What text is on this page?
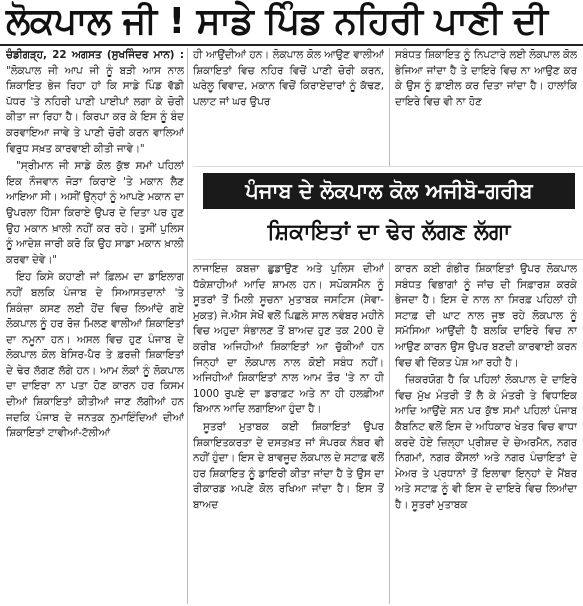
ਲੋਕਪਾਲ ਜੀ ! ਸਾਡੇ ਪਿੰਡ ਨਹਿਰੀ ਪਾਣੀ ਦੀ

ਚੰਡੀਗੜ੍ਹ, 22 ਅਗਸਤ (ਸੁਖਜਿੰਦਰ ਮਾਨ) : "ਲੋਕਪਾਲ ਜੀ ਆਪ ਜੀ ਨੂੰ ਬੜੀ ਆਸ ਨਾਲ ਸ਼ਿਕਾਇਤ ਭੇਜ ਰਿਹਾ ਹਾਂ ਕਿ ਸਾਡੇ ਪਿੰਡ ਵੱਡੀ ਪੱਧਰ 'ਤੇ ਨਹਿਰੀ ਪਾਣੀ ਪਾਈਪਾਂ ਲਗਾ ਕੇ ਚੋਰੀ ਕੀਤਾ ਜਾ ਰਿਹਾ ਹੈ। ਕਿਰਪਾ ਕਰ ਕੇ ਇਸ ਨੂੰ ਬੰਦ ਕਰਵਾਇਆ ਜਾਵੇ ਤੇ ਪਾਣੀ ਚੋਰੀ ਕਰਨ ਵਾਲਿਆਂ ਵਿਰੁਧ ਸਖ਼ਤ ਕਾਰਵਾਈ ਕੀਤੀ ਜਾਵੇ।"

"ਸ੍ਰੀਮਾਨ ਜੀ ਸਾਡੇ ਕੋਲ ਕੁੱਝ ਸਮਾਂ ਪਹਿਲਾਂ ਇਕ ਨੌਜਵਾਨ ਜੋੜਾ ਕਿਰਾਏ 'ਤੇ ਮਕਾਨ ਲੈਣ ਆਇਆ ਸੀ। ਅਸੀਂ ਉਨ੍ਹਾਂ ਨੂੰ ਆਪਣੇ ਮਕਾਨ ਦਾ ਉਪਰਲਾ ਹਿੱਸਾ ਕਿਰਾਏ ਉਪਰ ਦੇ ਦਿਤਾ ਪਰ ਹੁਣ ਉਹ ਮਕਾਨ ਖ਼ਾਲੀ ਨਹੀਂ ਕਰ ਰਹੇ। ਤੁਸੀਂ ਪੁਲਿਸ ਨੂੰ ਆਦੇਸ਼ ਜਾਰੀ ਕਰੋ ਕਿ ਉਹ ਸਾਡਾ ਮਕਾਨ ਖ਼ਾਲੀ ਕਰਵਾ ਦੇਵੇ।"

ਇਹ ਕਿਸੇ ਕਹਾਣੀ ਜਾਂ ਫ਼ਿਲਮ ਦਾ ਡਾਇਲਾਗ ਨਹੀਂ ਬਲਕਿ ਪੰਜਾਬ ਦੇ ਸਿਆਸਤਦਾਨਾਂ 'ਤੇ ਸ਼ਿਕੰਜ਼ਾ ਕਸਣ ਲਈ ਹੋਂਦ ਵਿਚ ਲਿਆਂਦੇ ਗਏ ਲੋਕਪਾਲ ਨੂੰ ਹਰ ਰੋਜ਼ ਮਿਲਣ ਵਾਲੀਆਂ ਸ਼ਿਕਾਇਤਾਂ ਦਾ ਨਮੂਨਾ ਹਨ। ਅਸਲ ਵਿਚ ਹੁਣ ਪੰਜਾਬ ਦੇ ਲੋਕਪਾਲ ਕੋਲ ਬੇਸਿਰ-ਪੈਰ ਤੇ ਫ਼ਰਜ਼ੀ ਸ਼ਿਕਾਇਤਾਂ ਦੇ ਢੇਰ ਲੱਗਣ ਲੱਗੇ ਹਨ। ਆਮ ਲੋਕਾਂ ਨੂੰ ਲੋਕਪਾਲ ਦਾ ਦਾਇਰਾ ਨਾ ਪਤਾ ਹੋਣ ਕਾਰਨ ਹਰ ਕਿਸਮ ਦੀਆਂ ਸ਼ਿਕਾਇਤਾਂ ਕੀਤੀਆਂ ਜਾਣ ਲੱਗੀਆਂ ਹਨ ਜਦਕਿ ਪੰਜਾਬ ਦੇ ਜਨਤਕ ਨੁਮਾਇੰਦਿਆਂ ਦੀਆਂ ਸ਼ਿਕਾਇਤਾਂ ਟਾਵੀਆਂ-ਟੱਲੀਆਂ

ਹੀ ਆਉਂਦੀਆਂ ਹਨ। ਲੋਕਪਾਲ ਕੋਲ ਆਉਣ ਵਾਲੀਆਂ ਸ਼ਿਕਾਇਤਾਂ ਵਿਚ ਨਹਿਰ ਵਿਚੋਂ ਪਾਣੀ ਚੋਰੀ ਕਰਨ, ਘਰੇਲੂ ਵਿਵਾਦ, ਮਕਾਨ ਵਿਚੋਂ ਕਿਰਾਏਦਾਰਾਂ ਨੂੰ ਕੱਢਣ, ਪਲਾਟ ਜਾਂ ਘਰ ਉਪਰ

ਸਬੰਧਤ ਸ਼ਿਕਾਇਤ ਨੂੰ ਨਿਪਟਾਰੇ ਲਈ ਲੋਕਪਾਲ ਕੋਲ ਭੇਜਿਆ ਜਾਂਦਾ ਹੈ ਤੇ ਦਾਇਰੇ ਵਿਚ ਨਾ ਆਉਣ ਕਰ ਕੇ ਉਸ ਨੂੰ ਫ਼ਾਈਲ ਕਰ ਦਿਤਾ ਜਾਂਦਾ ਹੈ। ਹਾਲਾਂਕਿ ਦਾਇਰੇ ਵਿਚ ਵੀ ਨਾ ਹੋਣ

ਪੰਜਾਬ ਦੇ ਲੋਕਪਾਲ ਕੋਲ ਅਜੀਬੋ-ਗਰੀਬ
ਸ਼ਿਕਾਇਤਾਂ ਦਾ ਢੇਰ ਲੱਗਣ ਲੱਗਾ

ਨਾਜਾਇਜ਼ ਕਬਜ਼ਾ ਛੁਡਾਉਣ ਅਤੇ ਪੁਲਿਸ ਦੀਆਂ ਧੱਕੇਸ਼ਾਹੀਆਂ ਆਦਿ ਸ਼ਾਮਲ ਹਨ। ਸਪੋਕਸਮੈਨ ਨੂੰ ਸੂਤਰਾਂ ਤੋਂ ਮਿਲੀ ਸੂਚਨਾ ਮੁਤਾਬਕ ਜਸਟਿਸ (ਸੇਵਾ-ਮੁਕਤ) ਜੇ.ਐਸ ਸੇਖੋਂ ਵਲੋਂ ਪਿਛਲੇ ਸਾਲ ਨਵੰਬਰ ਮਹੀਨੇ ਵਿਚ ਅਹੁਦਾ ਸੰਭਾਲਣ ਤੋਂ ਬਾਅਦ ਹੁਣ ਤਕ 200 ਦੇ ਕਰੀਬ ਅਜਿਹੀਆਂ ਸ਼ਿਕਾਇਤਾਂ ਆ ਚੁੱਕੀਆਂ ਹਨ ਜਿਨ੍ਹਾਂ ਦਾ ਲੋਕਪਾਲ ਨਾਲ ਕੋਈ ਸਬੰਧ ਨਹੀਂ। ਅਜਿਹੀਆਂ ਸ਼ਿਕਾਇਤਾਂ ਨਾਲ ਆਮ ਤੌਰ 'ਤੇ ਨਾ ਹੀ 1000 ਰੁਪਏ ਦਾ ਡਰਾਫ਼ਟ ਅਤੇ ਨਾ ਹੀ ਹਲਫ਼ੀਆ ਬਿਆਨ ਆਦਿ ਲਗਾਇਆ ਹੁੰਦਾ ਹੈ।

ਸੂਤਰਾਂ ਮੁਤਾਬਕ ਕਈ ਸ਼ਿਕਾਇਤਾਂ ਉਪਰ ਸ਼ਿਕਾਇਤਕਰਤਾ ਦੇ ਦਸਤਖ਼ਤ ਜਾਂ ਸੰਪਰਕ ਨੰਬਰ ਵੀ ਨਹੀਂ ਹੁੰਦਾ। ਇਸ ਦੇ ਬਾਵਜੂਦ ਲੋਕਪਾਲ ਦੇ ਸਟਾਫ਼ ਵਲੋਂ ਹਰ ਸ਼ਿਕਾਇਤ ਨੂੰ ਡਾਇਰੀ ਕੀਤਾ ਜਾਂਦਾ ਹੈ ਤੇ ਉਸ ਦਾ ਰੀਕਾਰਡ ਅਪਣੇ ਕੋਲ ਰਖਿਆ ਜਾਂਦਾ ਹੈ। ਇਸ ਤੋਂ ਬਾਅਦ

ਕਾਰਨ ਕਈ ਗੰਭੀਰ ਸ਼ਿਕਾਇਤਾਂ ਉਪਰ ਲੋਕਪਾਲ ਸਬੰਧਤ ਵਿਭਾਗਾਂ ਨੂੰ ਜਾਂਚ ਦੀ ਸਿਫ਼ਾਰਸ਼ ਕਰਕੇ ਭੇਜਦਾ ਹੈ। ਇਸ ਦੇ ਨਾਲ ਨਾ ਸਿਰਫ਼ ਪਹਿਲਾਂ ਹੀ ਸਟਾਫ਼ ਦੀ ਘਾਟ ਨਾਲ ਜੂਝ ਰਹੇ ਲੋਕਪਾਲ ਨੂੰ ਸਮੱਸਿਆ ਆਉਂਦੀ ਹੈ ਬਲਕਿ ਦਾਇਰੇ ਵਿਚ ਨਾ ਆਉਣ ਕਾਰਨ ਉਸ ਉਪਰ ਬਣਦੀ ਕਾਰਵਾਈ ਕਰਨ ਵਿਚ ਵੀ ਦਿੱਕਤ ਪੇਸ਼ ਆ ਰਹੀ ਹੈ।

ਜ਼ਿਕਰਯੋਗ ਹੈ ਕਿ ਪਹਿਲਾਂ ਲੋਕਪਾਲ ਦੇ ਦਾਇਰੇ ਵਿਚ ਮੁੱਖ ਮੰਤਰੀ ਤੋਂ ਲੈ ਕੇ ਮੰਤਰੀ ਤੇ ਵਿਧਾਇਕ ਆਦਿ ਆਉਂਦੇ ਸਨ ਪਰ ਕੁੱਝ ਸਮਾਂ ਪਹਿਲਾਂ ਪੰਜਾਬ ਕੈਬਨਿਟ ਵਲੋਂ ਇਸ ਦੇ ਅਧਿਕਾਰ ਖੇਤਰ ਵਿਚ ਵਾਧਾ ਕਰਦੇ ਹੋਏ ਜ਼ਿਲ੍ਹਾ ਪ੍ਰੀਸ਼ਦ ਦੇ ਚੇਅਰਮੈਨ, ਨਗਰ ਨਿਗਮਾਂ, ਨਗਰ ਕੌਂਸਲਾਂ ਅਤੇ ਨਗਰ ਪੰਚਾਇਤਾਂ ਦੇ ਮੇਅਰ ਤੇ ਪ੍ਰਧਾਨਾਂ ਤੋਂ ਇਲਾਵਾ ਇਨ੍ਹਾਂ ਦੇ ਮੈਂਬਰ ਅਤੇ ਸਟਾਫ਼ ਨੂੰ ਵੀ ਇਸ ਦੇ ਦਾਇਰੇ ਵਿਚ ਲਿਆਂਦਾ ਹੈ। ਸੂਤਰਾਂ ਮੁਤਾਬਕ
